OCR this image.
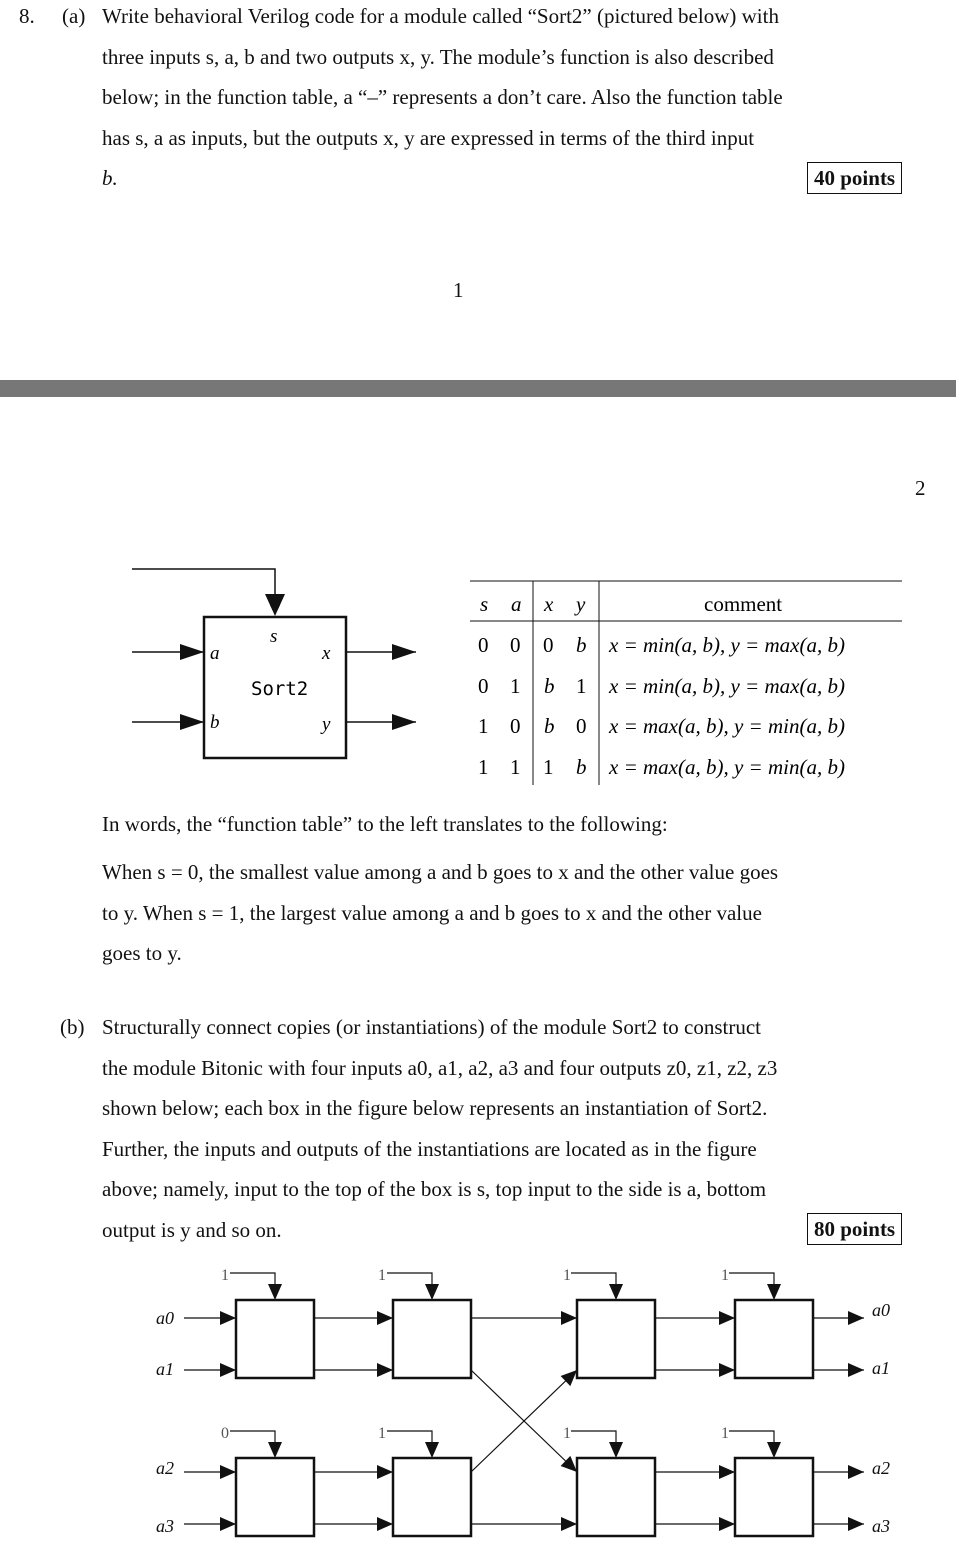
8. (a) Write behavioral Verilog code for a module called “Sort2” (pictured below) with
three inputs s, a, b and two outputs x, y. The module’s function is also described
below; in the function table, a “–” represents a don’t care. Also the function table
has s, a as inputs, but the outputs x, y are expressed in terms of the third input
b.	40 points
1
2
s
a
b
x
y
Sort2
s a x y	comment
0 0 0 b x = min(a, b), y = max(a, b)
0 1 b 1 x = min(a, b), y = max(a, b)
1 0 b 0 x = max(a, b), y = min(a, b)
1 1 1 b x = max(a, b), y = min(a, b)
In words, the “function table” to the left translates to the following:
When s = 0, the smallest value among a and b goes to x and the other value goes
to y. When s = 1, the largest value among a and b goes to x and the other value
goes to y.
(b) Structurally connect copies (or instantiations) of the module Sort2 to construct
the module Bitonic with four inputs a0, a1, a2, a3 and four outputs z0, z1, z2, z3
shown below; each box in the figure below represents an instantiation of Sort2.
Further, the inputs and outputs of the instantiations are located as in the figure
above; namely, input to the top of the box is s, top input to the side is a, bottom
output is y and so on.	80 points
a0
a1
a2
a3
a0
a1
a2
a3
1	1	1	1
0	1	1	1
